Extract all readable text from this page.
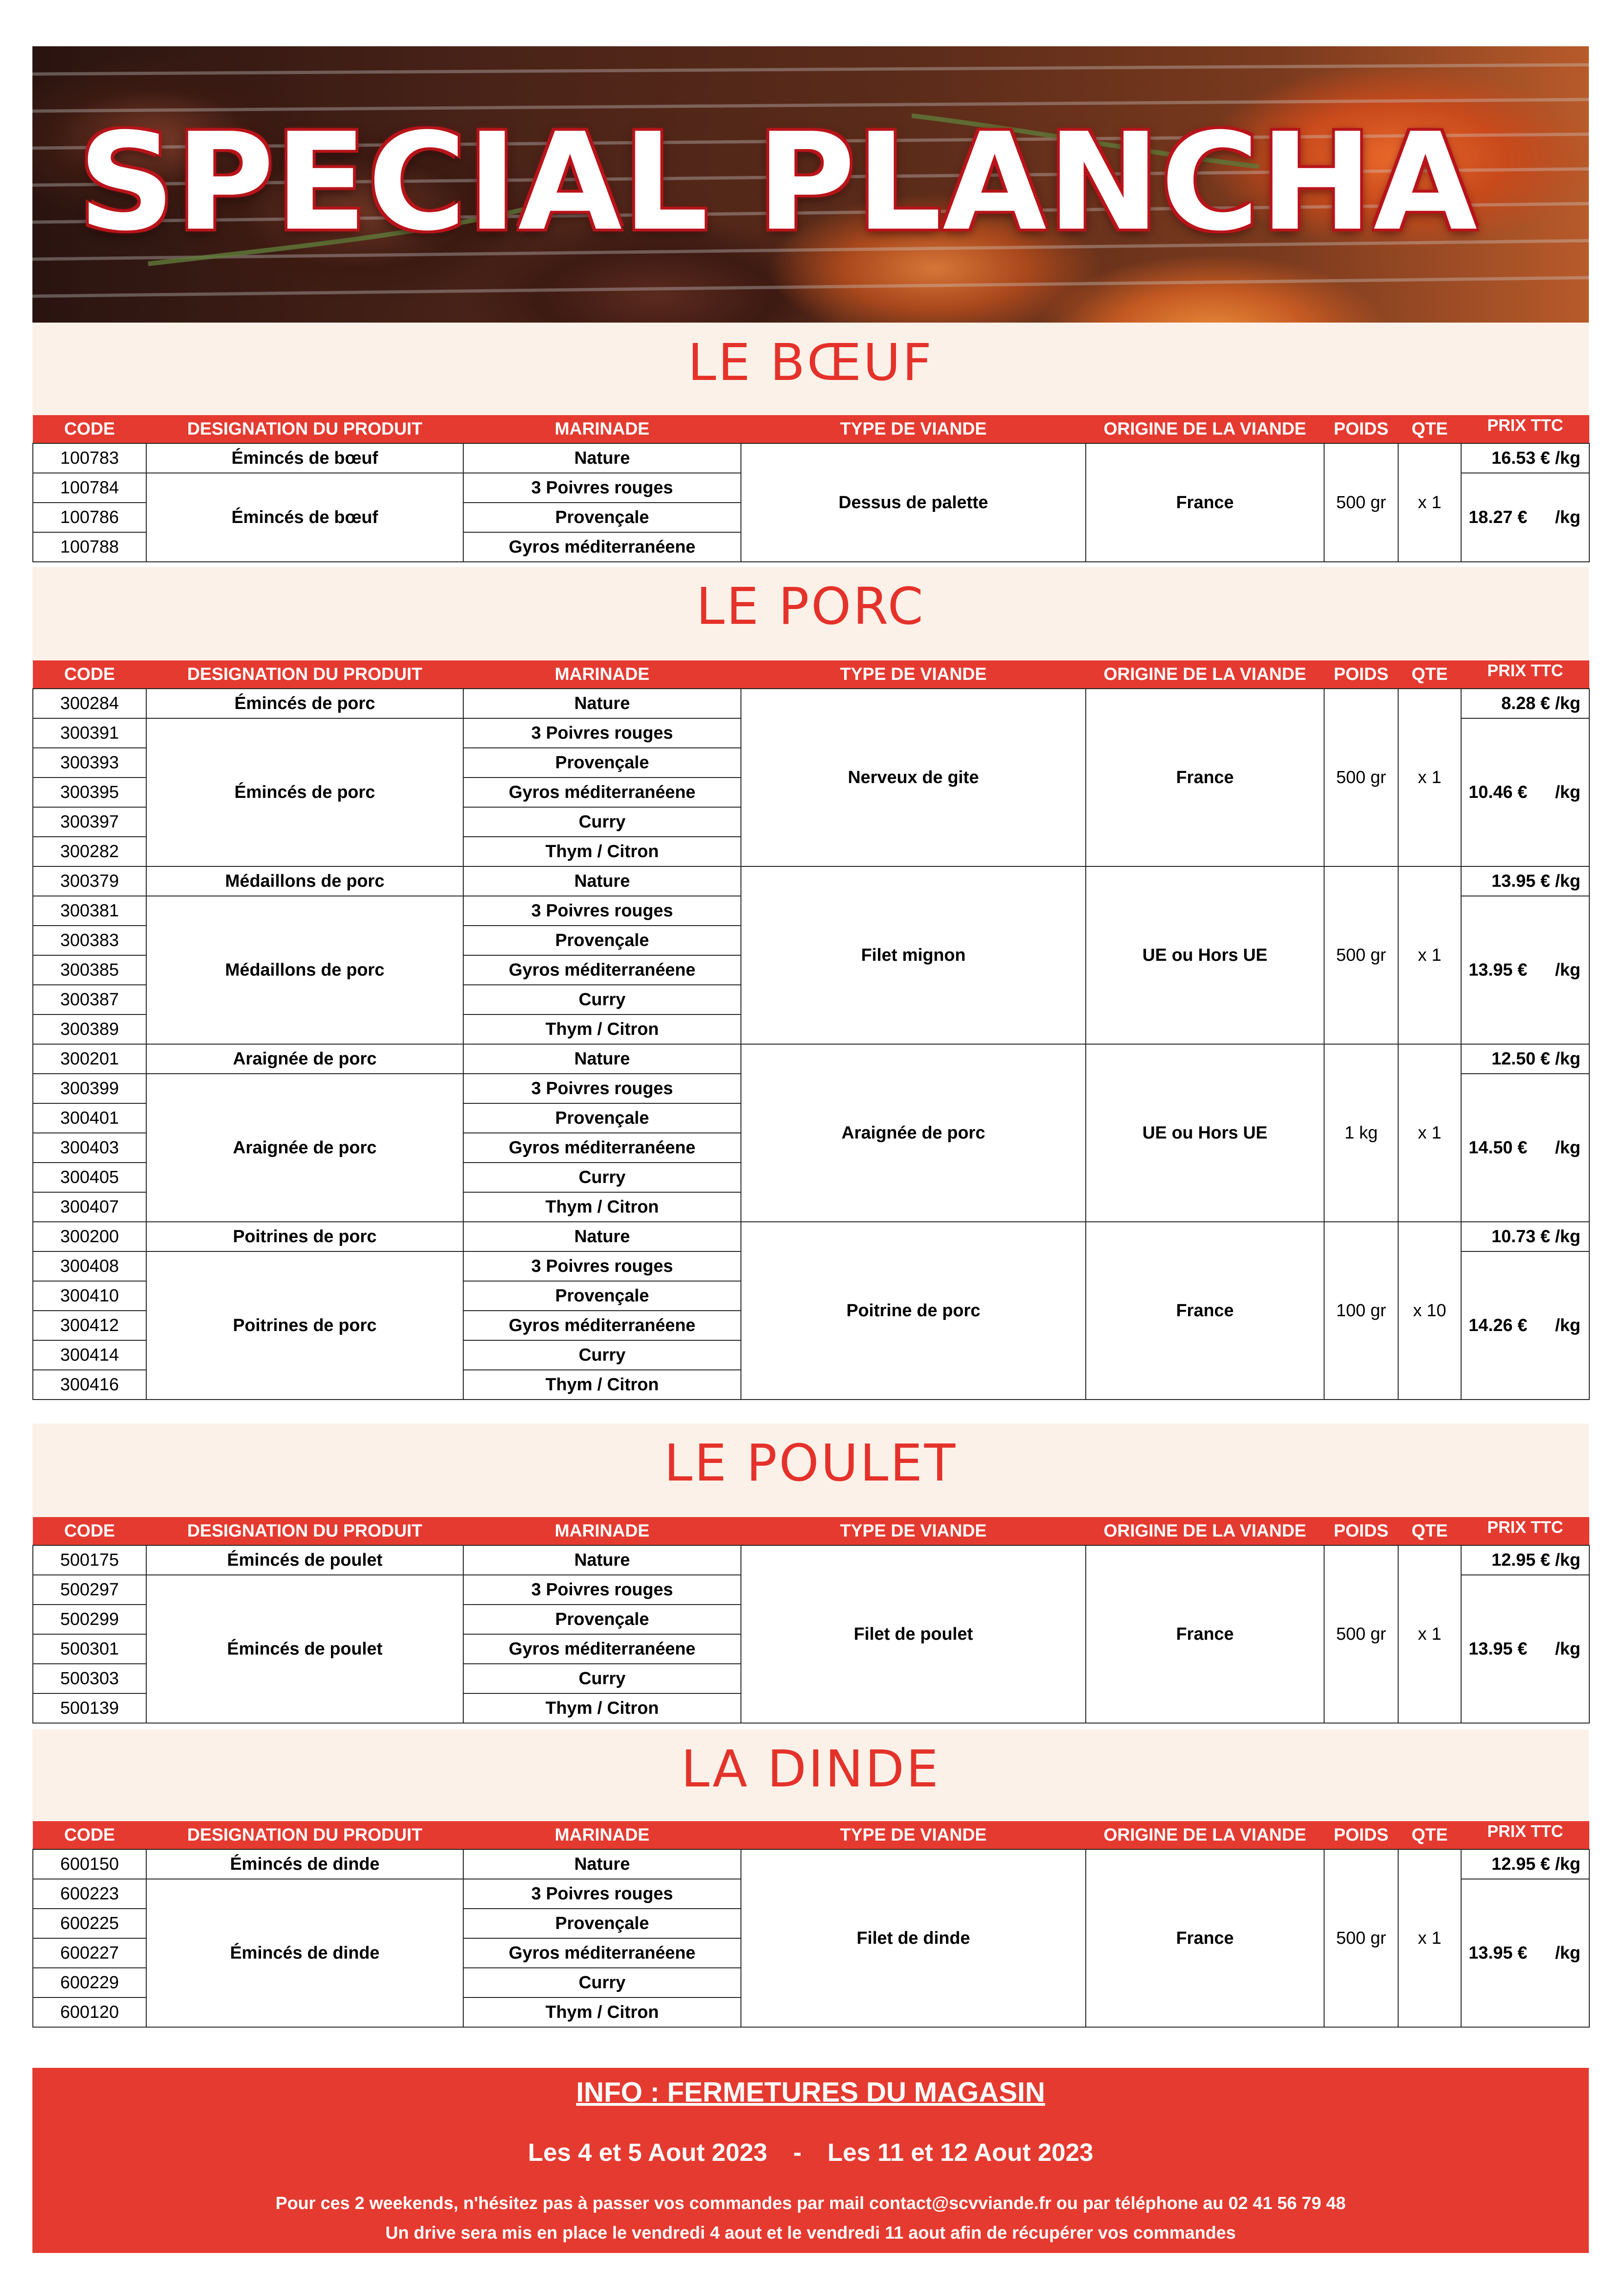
SPECIAL PLANCHA
LE BŒUF
CODE	DESIGNATION DU PRODUIT	MARINADE	TYPE DE VIANDE	ORIGINE DE LA VIANDE	POIDS	QTE	PRIX TTC
100783	Émincés de bœuf	Nature	Dessus de palette	France	500 gr	x 1	16.53 € /kg
100784	Émincés de bœuf	3 Poivres rouges					18.27 € /kg
100786		Provençale					
100788		Gyros méditerranéene					
LE PORC
CODE	DESIGNATION DU PRODUIT	MARINADE	TYPE DE VIANDE	ORIGINE DE LA VIANDE	POIDS	QTE	PRIX TTC
300284	Émincés de porc	Nature	Nerveux de gite	France	500 gr	x 1	8.28 € /kg
300391	Émincés de porc	3 Poivres rouges					10.46 € /kg
300393		Provençale					
300395		Gyros méditerranéene					
300397		Curry					
300282		Thym / Citron					
300379	Médaillons de porc	Nature	Filet mignon	UE ou Hors UE	500 gr	x 1	13.95 € /kg
300381	Médaillons de porc	3 Poivres rouges					13.95 € /kg
300383		Provençale					
300385		Gyros méditerranéene					
300387		Curry					
300389		Thym / Citron					
300201	Araignée de porc	Nature	Araignée de porc	UE ou Hors UE	1 kg	x 1	12.50 € /kg
300399	Araignée de porc	3 Poivres rouges					14.50 € /kg
300401		Provençale					
300403		Gyros méditerranéene					
300405		Curry					
300407		Thym / Citron					
300200	Poitrines de porc	Nature	Poitrine de porc	France	100 gr	x 10	10.73 € /kg
300408	Poitrines de porc	3 Poivres rouges					14.26 € /kg
300410		Provençale					
300412		Gyros méditerranéene					
300414		Curry					
300416		Thym / Citron					
LE POULET
CODE	DESIGNATION DU PRODUIT	MARINADE	TYPE DE VIANDE	ORIGINE DE LA VIANDE	POIDS	QTE	PRIX TTC
500175	Émincés de poulet	Nature	Filet de poulet	France	500 gr	x 1	12.95 € /kg
500297	Émincés de poulet	3 Poivres rouges					13.95 € /kg
500299		Provençale					
500301		Gyros méditerranéene					
500303		Curry					
500139		Thym / Citron					
LA DINDE
CODE	DESIGNATION DU PRODUIT	MARINADE	TYPE DE VIANDE	ORIGINE DE LA VIANDE	POIDS	QTE	PRIX TTC
600150	Émincés de dinde	Nature	Filet de dinde	France	500 gr	x 1	12.95 € /kg
600223	Émincés de dinde	3 Poivres rouges					13.95 € /kg
600225		Provençale					
600227		Gyros méditerranéene					
600229		Curry					
600120		Thym / Citron					
INFO : FERMETURES DU MAGASIN
Les 4 et 5 Aout 2023 - Les 11 et 12 Aout 2023
Pour ces 2 weekends, n'hésitez pas à passer vos commandes par mail contact@scvviande.fr ou par téléphone au 02 41 56 79 48
Un drive sera mis en place le vendredi 4 aout et le vendredi 11 aout afin de récupérer vos commandes
